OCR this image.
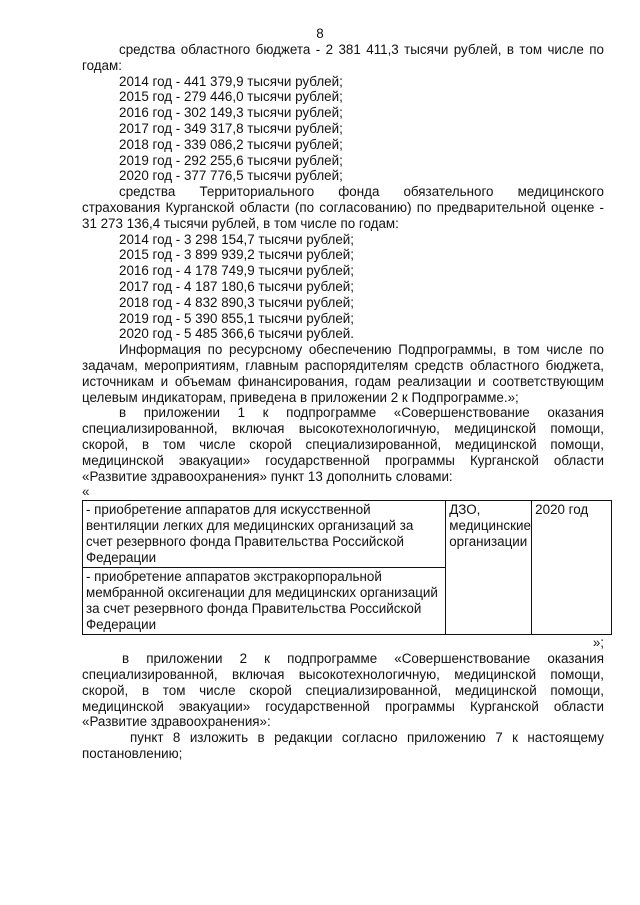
8

средства областного бюджета - 2 381 411,3 тысячи рублей, в том числе по годам:

2014 год - 441 379,9 тысячи рублей;
2015 год - 279 446,0 тысячи рублей;
2016 год - 302 149,3 тысячи рублей;
2017 год - 349 317,8 тысячи рублей;
2018 год - 339 086,2 тысячи рублей;
2019 год - 292 255,6 тысячи рублей;
2020 год - 377 776,5 тысячи рублей;

средства Территориального фонда обязательного медицинского страхования Курганской области (по согласованию) по предварительной оценке - 31 273 136,4 тысячи рублей, в том числе по годам:

2014 год - 3 298 154,7 тысячи рублей;
2015 год - 3 899 939,2 тысячи рублей;
2016 год - 4 178 749,9 тысячи рублей;
2017 год - 4 187 180,6 тысячи рублей;
2018 год - 4 832 890,3 тысячи рублей;
2019 год - 5 390 855,1 тысячи рублей;
2020 год - 5 485 366,6 тысячи рублей.

Информация по ресурсному обеспечению Подпрограммы, в том числе по задачам, мероприятиям, главным распорядителям средств областного бюджета, источникам и объемам финансирования, годам реализации и соответствующим целевым индикаторам, приведена в приложении 2 к Подпрограмме.»;

в приложении 1 к подпрограмме «Совершенствование оказания специализированной, включая высокотехнологичную, медицинской помощи, скорой, в том числе скорой специализированной, медицинской помощи, медицинской эвакуации» государственной программы Курганской области «Развитие здравоохранения» пункт 13 дополнить словами:

«

- приобретение аппаратов для искусственной вентиляции легких для медицинских организаций за счет резервного фонда Правительства Российской Федерации	ДЗО, медицинские организации	2020 год
- приобретение аппаратов экстракорпоральной мембранной оксигенации для медицинских организаций за счет резервного фонда Правительства Российской Федерации

»;

в приложении 2 к подпрограмме «Совершенствование оказания специализированной, включая высокотехнологичную, медицинской помощи, скорой, в том числе скорой специализированной, медицинской помощи, медицинской эвакуации» государственной программы Курганской области «Развитие здравоохранения»:

пункт 8 изложить в редакции согласно приложению 7 к настоящему постановлению;
